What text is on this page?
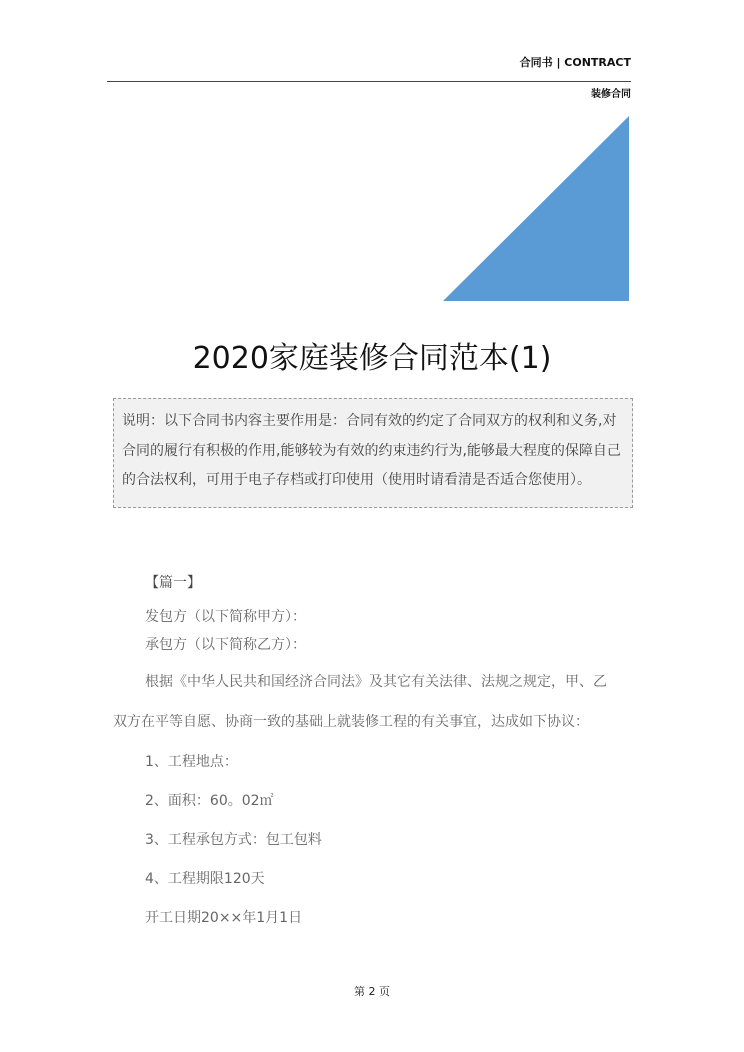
合同书 | CONTRACT
装修合同
2020家庭装修合同范本(1)
说明：以下合同书内容主要作用是：合同有效的约定了合同双方的权利和义务,对合同的履行有积极的作用,能够较为有效的约束违约行为,能够最大程度的保障自己的合法权利，可用于电子存档或打印使用（使用时请看清是否适合您使用）。
【篇一】
发包方（以下简称甲方）：
承包方（以下简称乙方）：
根据《中华人民共和国经济合同法》及其它有关法律、法规之规定，甲、乙
双方在平等自愿、协商一致的基础上就装修工程的有关事宜，达成如下协议：
1、工程地点：
2、面积：60。02㎡
3、工程承包方式：包工包料
4、工程期限120天
开工日期20××年1月1日
第 2 页
